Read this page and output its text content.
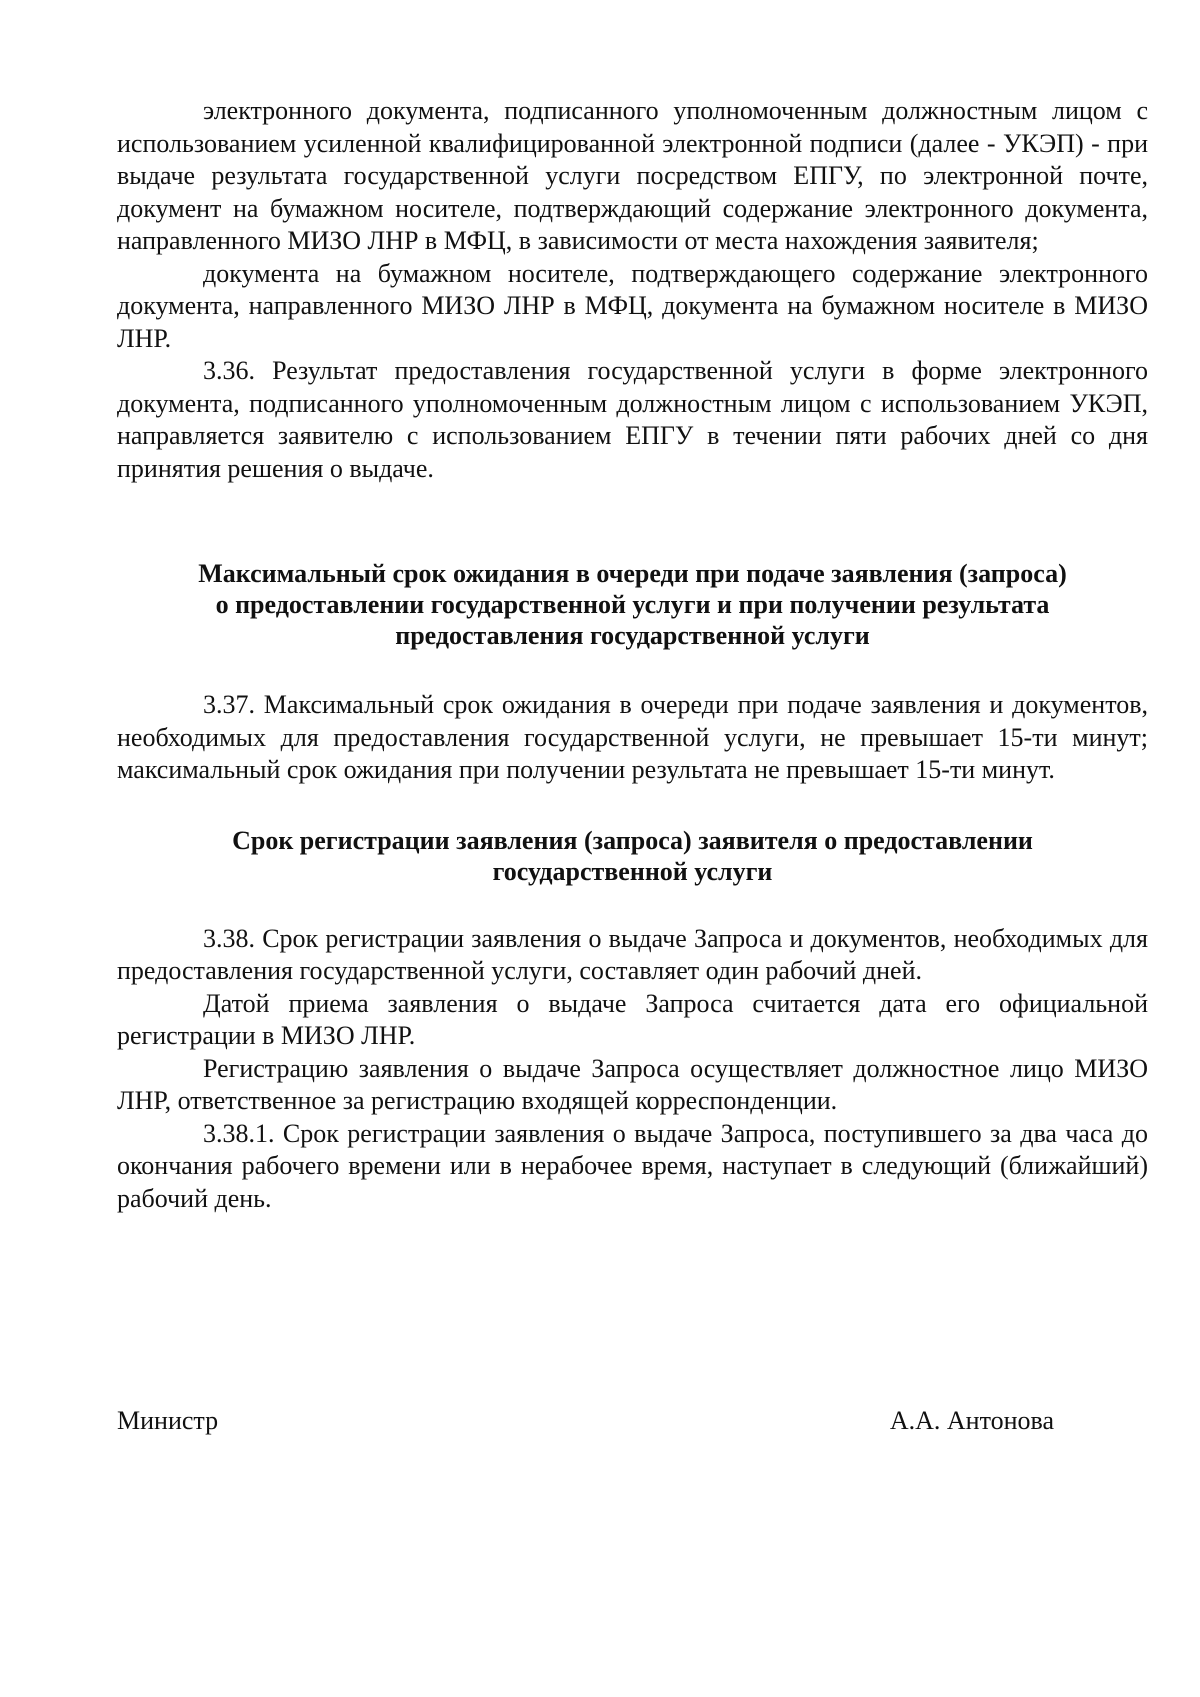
электронного документа, подписанного уполномоченным должностным лицом с использованием усиленной квалифицированной электронной подписи (далее - УКЭП) - при выдаче результата государственной услуги посредством ЕПГУ, по электронной почте, документ на бумажном носителе, подтверждающий содержание электронного документа, направленного МИЗО ЛНР в МФЦ, в зависимости от места нахождения заявителя;

документа на бумажном носителе, подтверждающего содержание электронного документа, направленного МИЗО ЛНР в МФЦ, документа на бумажном носителе в МИЗО ЛНР.

3.36. Результат предоставления государственной услуги в форме электронного документа, подписанного уполномоченным должностным лицом с использованием УКЭП, направляется заявителю с использованием ЕПГУ в течении пяти рабочих дней со дня принятия решения о выдаче.

Максимальный срок ожидания в очереди при подаче заявления (запроса)
о предоставлении государственной услуги и при получении результата
предоставления государственной услуги

3.37. Максимальный срок ожидания в очереди при подаче заявления и документов, необходимых для предоставления государственной услуги, не превышает 15-ти минут; максимальный срок ожидания при получении результата не превышает 15-ти минут.

Срок регистрации заявления (запроса) заявителя о предоставлении
государственной услуги

3.38. Срок регистрации заявления о выдаче Запроса и документов, необходимых для предоставления государственной услуги, составляет один рабочий дней.

Датой приема заявления о выдаче Запроса считается дата его официальной регистрации в МИЗО ЛНР.

Регистрацию заявления о выдаче Запроса осуществляет должностное лицо МИЗО ЛНР, ответственное за регистрацию входящей корреспонденции.

3.38.1. Срок регистрации заявления о выдаче Запроса, поступившего за два часа до окончания рабочего времени или в нерабочее время, наступает в следующий (ближайший) рабочий день.

Министр	А.А. Антонова
